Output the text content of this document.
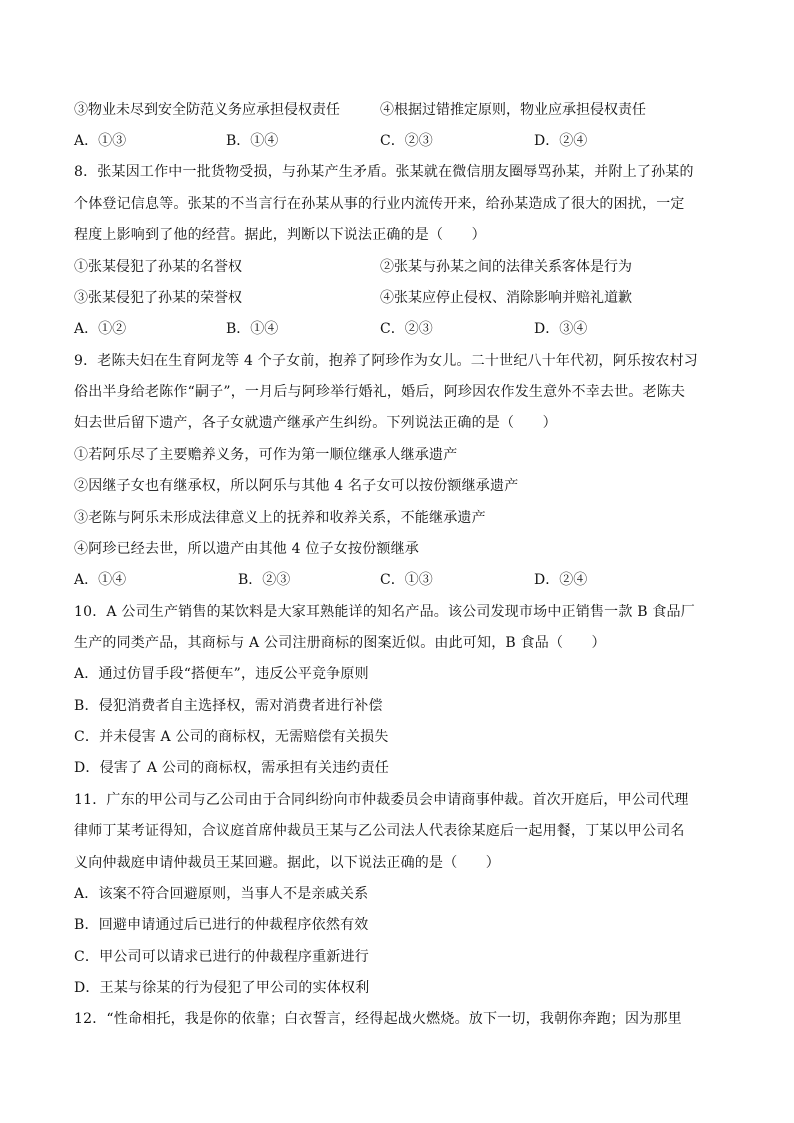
③物业未尽到安全防范义务应承担侵权责任	④根据过错推定原则，物业应承担侵权责任
A．①③	B．①④	C．②③	D．②④
8．张某因工作中一批货物受损，与孙某产生矛盾。张某就在微信朋友圈辱骂孙某，并附上了孙某的
个体登记信息等。张某的不当言行在孙某从事的行业内流传开来，给孙某造成了很大的困扰，一定
程度上影响到了他的经营。据此，判断以下说法正确的是（　　）
①张某侵犯了孙某的名誉权	②张某与孙某之间的法律关系客体是行为
③张某侵犯了孙某的荣誉权	④张某应停止侵权、消除影响并赔礼道歉
A．①②	B．①④	C．②③	D．③④
9．老陈夫妇在生育阿龙等 4 个子女前，抱养了阿珍作为女儿。二十世纪八十年代初，阿乐按农村习
俗出半身给老陈作“嗣子”，一月后与阿珍举行婚礼，婚后，阿珍因农作发生意外不幸去世。老陈夫
妇去世后留下遗产，各子女就遗产继承产生纠纷。下列说法正确的是（　　）
①若阿乐尽了主要赡养义务，可作为第一顺位继承人继承遗产
②因继子女也有继承权，所以阿乐与其他 4 名子女可以按份额继承遗产
③老陈与阿乐未形成法律意义上的抚养和收养关系，不能继承遗产
④阿珍已经去世，所以遗产由其他 4 位子女按份额继承
A．①④	B．②③	C．①③	D．②④
10．A 公司生产销售的某饮料是大家耳熟能详的知名产品。该公司发现市场中正销售一款 B 食品厂
生产的同类产品，其商标与 A 公司注册商标的图案近似。由此可知，B 食品（　　）
A．通过仿冒手段“搭便车”，违反公平竞争原则
B．侵犯消费者自主选择权，需对消费者进行补偿
C．并未侵害 A 公司的商标权，无需赔偿有关损失
D．侵害了 A 公司的商标权，需承担有关违约责任
11．广东的甲公司与乙公司由于合同纠纷向市仲裁委员会申请商事仲裁。首次开庭后，甲公司代理
律师丁某考证得知，合议庭首席仲裁员王某与乙公司法人代表徐某庭后一起用餐，丁某以甲公司名
义向仲裁庭申请仲裁员王某回避。据此，以下说法正确的是（　　）
A．该案不符合回避原则，当事人不是亲戚关系
B．回避申请通过后已进行的仲裁程序依然有效
C．甲公司可以请求已进行的仲裁程序重新进行
D．王某与徐某的行为侵犯了甲公司的实体权利
12．“性命相托，我是你的依靠；白衣誓言，经得起战火燃烧。放下一切，我朝你奔跑；因为那里
